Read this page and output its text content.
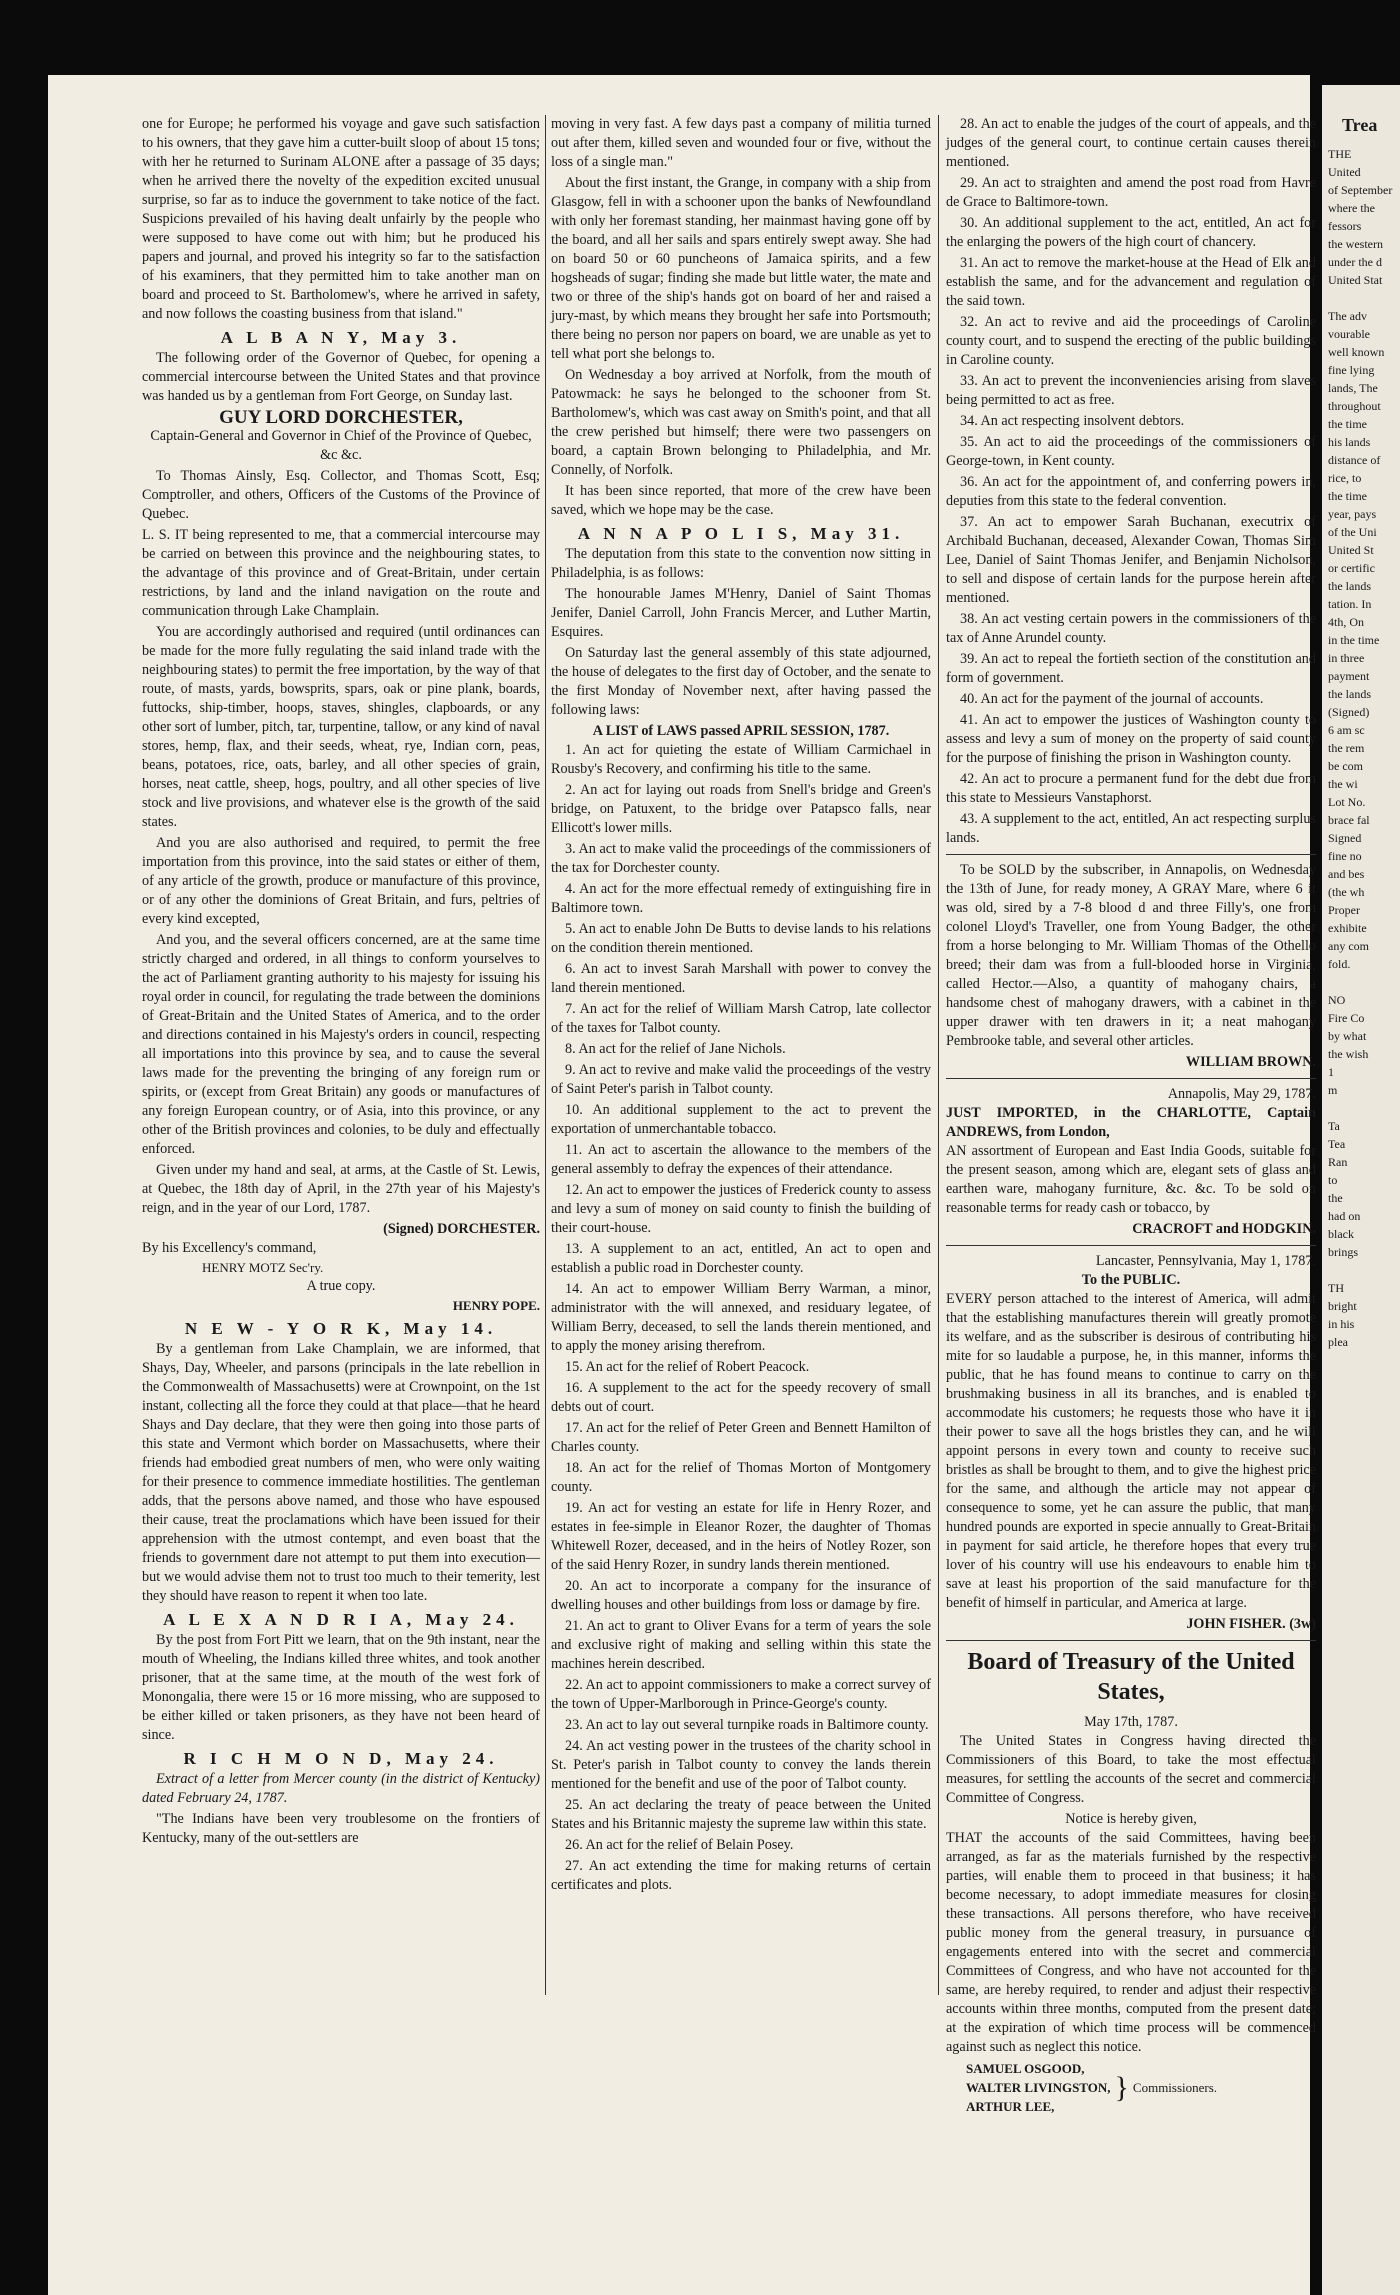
one for Europe; he performed his voyage and gave such satisfaction to his owners, that they gave him a cutter-built sloop of about 15 tons; with her he returned to Surinam ALONE after a passage of 35 days; when he arrived there the novelty of the expedition excited unusual surprise, so far as to induce the government to take notice of the fact. Suspicions prevailed of his having dealt unfairly by the people who were supposed to have come out with him; but he produced his papers and journal, and proved his integrity so far to the satisfaction of his examiners, that they permitted him to take another man on board and proceed to St. Bartholomew's, where he arrived in safety, and now follows the coasting business from that island."

A L B A N Y, May 3.

The following order of the Governor of Quebec, for opening a commercial intercourse between the United States and that province was handed us by a gentleman from Fort George, on Sunday last.

GUY LORD DORCHESTER,

Captain-General and Governor in Chief of the Province of Quebec, &c &c.

To Thomas Ainsly, Esq. Collector, and Thomas Scott, Esq; Comptroller, and others, Officers of the Customs of the Province of Quebec.

L. S. IT being represented to me, that a commercial intercourse may be carried on between this province and the neighbouring states, to the advantage of this province and of Great-Britain, under certain restrictions, by land and the inland navigation on the route and communication through Lake Champlain.

You are accordingly authorised and required (until ordinances can be made for the more fully regulating the said inland trade with the neighbouring states) to permit the free importation, by the way of that route, of masts, yards, bowsprits, spars, oak or pine plank, boards, futtocks, ship-timber, hoops, staves, shingles, clapboards, or any other sort of lumber, pitch, tar, turpentine, tallow, or any kind of naval stores, hemp, flax, and their seeds, wheat, rye, Indian corn, peas, beans, potatoes, rice, oats, barley, and all other species of grain, horses, neat cattle, sheep, hogs, poultry, and all other species of live stock and live provisions, and whatever else is the growth of the said states.

And you are also authorised and required, to permit the free importation from this province, into the said states or either of them, of any article of the growth, produce or manufacture of this province, or of any other the dominions of Great Britain, and furs, peltries of every kind excepted,

And you, and the several officers concerned, are at the same time strictly charged and ordered, in all things to conform yourselves to the act of Parliament granting authority to his majesty for issuing his royal order in council, for regulating the trade between the dominions of Great-Britain and the United States of America, and to the order and directions contained in his Majesty's orders in council, respecting all importations into this province by sea, and to cause the several laws made for the preventing the bringing of any foreign rum or spirits, or (except from Great Britain) any goods or manufactures of any foreign European country, or of Asia, into this province, or any other of the British provinces and colonies, to be duly and effectually enforced.

Given under my hand and seal, at arms, at the Castle of St. Lewis, at Quebec, the 18th day of April, in the 27th year of his Majesty's reign, and in the year of our Lord, 1787.

(Signed) DORCHESTER.
By his Excellency's command,
HENRY MOTZ Sec'ry.
A true copy.
HENRY POPE.
N E W - Y O R K, May 14.

By a gentleman from Lake Champlain, we are informed, that Shays, Day, Wheeler, and parsons (principals in the late rebellion in the Commonwealth of Massachusetts) were at Crownpoint, on the 1st instant, collecting all the force they could at that place—that he heard Shays and Day declare, that they were then going into those parts of this state and Vermont which border on Massachusetts, where their friends had embodied great numbers of men, who were only waiting for their presence to commence immediate hostilities. The gentleman adds, that the persons above named, and those who have espoused their cause, treat the proclamations which have been issued for their apprehension with the utmost contempt, and even boast that the friends to government dare not attempt to put them into execution—but we would advise them not to trust too much to their temerity, lest they should have reason to repent it when too late.

A L E X A N D R I A, May 24.

By the post from Fort Pitt we learn, that on the 9th instant, near the mouth of Wheeling, the Indians killed three whites, and took another prisoner, that at the same time, at the mouth of the west fork of Monongalia, there were 15 or 16 more missing, who are supposed to be either killed or taken prisoners, as they have not been heard of since.

R I C H M O N D, May 24.

Extract of a letter from Mercer county (in the district of Kentucky) dated February 24, 1787.

"The Indians have been very troublesome on the frontiers of Kentucky, many of the out-settlers are

moving in very fast. A few days past a company of militia turned out after them, killed seven and wounded four or five, without the loss of a single man."

About the first instant, the Grange, in company with a ship from Glasgow, fell in with a schooner upon the banks of Newfoundland with only her foremast standing, her mainmast having gone off by the board, and all her sails and spars entirely swept away. She had on board 50 or 60 puncheons of Jamaica spirits, and a few hogsheads of sugar; finding she made but little water, the mate and two or three of the ship's hands got on board of her and raised a jury-mast, by which means they brought her safe into Portsmouth; there being no person nor papers on board, we are unable as yet to tell what port she belongs to.

On Wednesday a boy arrived at Norfolk, from the mouth of Patowmack: he says he belonged to the schooner from St. Bartholomew's, which was cast away on Smith's point, and that all the crew perished but himself; there were two passengers on board, a captain Brown belonging to Philadelphia, and Mr. Connelly, of Norfolk.

It has been since reported, that more of the crew have been saved, which we hope may be the case.

A N N A P O L I S, May 31.

The deputation from this state to the convention now sitting in Philadelphia, is as follows:

The honourable James M'Henry, Daniel of Saint Thomas Jenifer, Daniel Carroll, John Francis Mercer, and Luther Martin, Esquires.

On Saturday last the general assembly of this state adjourned, the house of delegates to the first day of October, and the senate to the first Monday of November next, after having passed the following laws:

A LIST of LAWS passed APRIL SESSION, 1787.

1. An act for quieting the estate of William Carmichael in Rousby's Recovery, and confirming his title to the same.

2. An act for laying out roads from Snell's bridge and Green's bridge, on Patuxent, to the bridge over Patapsco falls, near Ellicott's lower mills.

3. An act to make valid the proceedings of the commissioners of the tax for Dorchester county.

4. An act for the more effectual remedy of extinguishing fire in Baltimore town.

5. An act to enable John De Butts to devise lands to his relations on the condition therein mentioned.

6. An act to invest Sarah Marshall with power to convey the land therein mentioned.

7. An act for the relief of William Marsh Catrop, late collector of the taxes for Talbot county.

8. An act for the relief of Jane Nichols.

9. An act to revive and make valid the proceedings of the vestry of Saint Peter's parish in Talbot county.

10. An additional supplement to the act to prevent the exportation of unmerchantable tobacco.

11. An act to ascertain the allowance to the members of the general assembly to defray the expences of their attendance.

12. An act to empower the justices of Frederick county to assess and levy a sum of money on said county to finish the building of their court-house.

13. A supplement to an act, entitled, An act to open and establish a public road in Dorchester county.

14. An act to empower William Berry Warman, a minor, administrator with the will annexed, and residuary legatee, of William Berry, deceased, to sell the lands therein mentioned, and to apply the money arising therefrom.

15. An act for the relief of Robert Peacock.

16. A supplement to the act for the speedy recovery of small debts out of court.

17. An act for the relief of Peter Green and Bennett Hamilton of Charles county.

18. An act for the relief of Thomas Morton of Montgomery county.

19. An act for vesting an estate for life in Henry Rozer, and estates in fee-simple in Eleanor Rozer, the daughter of Thomas Whitewell Rozer, deceased, and in the heirs of Notley Rozer, son of the said Henry Rozer, in sundry lands therein mentioned.

20. An act to incorporate a company for the insurance of dwelling houses and other buildings from loss or damage by fire.

21. An act to grant to Oliver Evans for a term of years the sole and exclusive right of making and selling within this state the machines herein described.

22. An act to appoint commissioners to make a correct survey of the town of Upper-Marlborough in Prince-George's county.

23. An act to lay out several turnpike roads in Baltimore county.

24. An act vesting power in the trustees of the charity school in St. Peter's parish in Talbot county to convey the lands therein mentioned for the benefit and use of the poor of Talbot county.

25. An act declaring the treaty of peace between the United States and his Britannic majesty the supreme law within this state.

26. An act for the relief of Belain Posey.

27. An act extending the time for making returns of certain certificates and plots.

28. An act to enable the judges of the court of appeals, and the judges of the general court, to continue certain causes therein mentioned.

29. An act to straighten and amend the post road from Havre de Grace to Baltimore-town.

30. An additional supplement to the act, entitled, An act for the enlarging the powers of the high court of chancery.

31. An act to remove the market-house at the Head of Elk and establish the same, and for the advancement and regulation of the said town.

32. An act to revive and aid the proceedings of Caroline county court, and to suspend the erecting of the public buildings in Caroline county.

33. An act to prevent the inconveniencies arising from slaves being permitted to act as free.

34. An act respecting insolvent debtors.

35. An act to aid the proceedings of the commissioners of George-town, in Kent county.

36. An act for the appointment of, and conferring powers in, deputies from this state to the federal convention.

37. An act to empower Sarah Buchanan, executrix of Archibald Buchanan, deceased, Alexander Cowan, Thomas Sim Lee, Daniel of Saint Thomas Jenifer, and Benjamin Nicholson, to sell and dispose of certain lands for the purpose herein after mentioned.

38. An act vesting certain powers in the commissioners of the tax of Anne Arundel county.

39. An act to repeal the fortieth section of the constitution and form of government.

40. An act for the payment of the journal of accounts.

41. An act to empower the justices of Washington county to assess and levy a sum of money on the property of said county for the purpose of finishing the prison in Washington county.

42. An act to procure a permanent fund for the debt due from this state to Messieurs Vanstaphorst.

43. A supplement to the act, entitled, An act respecting surplus lands.

To be SOLD by the subscriber, in Annapolis, on Wednesday the 13th of June, for ready money, A GRAY Mare, where 6 it was old, sired by a 7-8 blood d and three Filly's, one from colonel Lloyd's Traveller, one from Young Badger, the other from a horse belonging to Mr. William Thomas of the Othello breed; their dam was from a full-blooded horse in Virginia, called Hector.—Also, a quantity of mahogany chairs, a handsome chest of mahogany drawers, with a cabinet in the upper drawer with ten drawers in it; a neat mahogany Pembrooke table, and several other articles.

WILLIAM BROWN.
Annapolis, May 29, 1787.
JUST IMPORTED, in the CHARLOTTE, Captain ANDREWS, from London,

AN assortment of European and East India Goods, suitable for the present season, among which are, elegant sets of glass and earthen ware, mahogany furniture, &c. &c. To be sold on reasonable terms for ready cash or tobacco, by

CRACROFT and HODGKIN.
Lancaster, Pennsylvania, May 1, 1787.
To the PUBLIC.

EVERY person attached to the interest of America, will admit that the establishing manufactures therein will greatly promote its welfare, and as the subscriber is desirous of contributing his mite for so laudable a purpose, he, in this manner, informs the public, that he has found means to continue to carry on the brushmaking business in all its branches, and is enabled to accommodate his customers; he requests those who have it in their power to save all the hogs bristles they can, and he will appoint persons in every town and county to receive such bristles as shall be brought to them, and to give the highest price for the same, and although the article may not appear of consequence to some, yet he can assure the public, that many hundred pounds are exported in specie annually to Great-Britain in payment for said article, he therefore hopes that every true lover of his country will use his endeavours to enable him to save at least his proportion of the said manufacture for the benefit of himself in particular, and America at large.

JOHN FISHER. (3w)
Board of Treasury of the United States,
May 17th, 1787.

The United States in Congress having directed the Commissioners of this Board, to take the most effectual measures, for settling the accounts of the secret and commercial Committee of Congress.

Notice is hereby given,

THAT the accounts of the said Committees, having been arranged, as far as the materials furnished by the respective parties, will enable them to proceed in that business; it has become necessary, to adopt immediate measures for closing these transactions. All persons therefore, who have received public money from the general treasury, in pursuance of engagements entered into with the secret and commercial Committees of Congress, and who have not accounted for the same, are hereby required, to render and adjust their respective accounts within three months, computed from the present date; at the expiration of which time process will be commenced against such as neglect this notice.

SAMUEL OSGOOD,
WALTER LIVINGSTON,
ARTHUR LEE,
} Commissioners.
Trea
THE
United
of September
where the
fessors
the western
under the d
United Stat

The adv
vourable
well known
fine lying
lands, The
throughout
the time
his lands
distance of
rice, to
the time
year, pays
of the Uni
United St
or certific
the lands
tation. In
4th, On
in the time
in three
payment
the lands
(Signed)
6 am sc
the rem
be com
the wi
Lot No.
brace fal
Signed
fine no
and bes
(the wh
Proper
exhibite
any com
fold.

NO
Fire Co
by what
the wish
1
m

Ta
Tea
Ran
to
the
had on
black
brings

TH
bright
in his
plea
